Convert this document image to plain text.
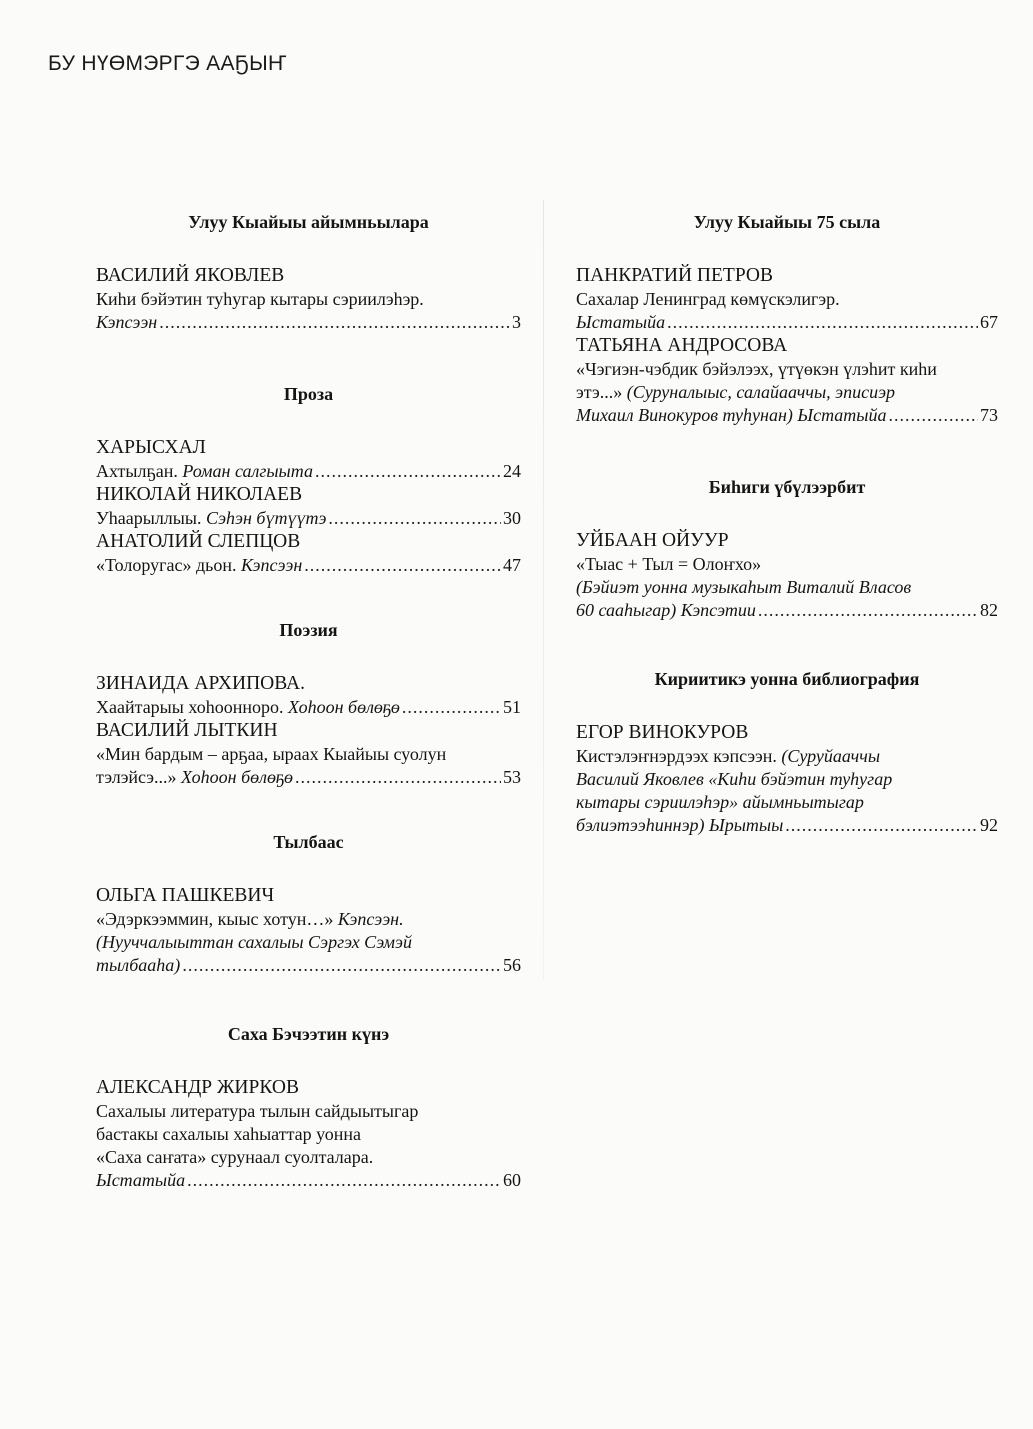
БУ НҮӨМЭРГЭ ААҔЫҤ
Улуу Кыайыы айымньылара
ВАСИЛИЙ ЯКОВЛЕВ
Киһи бэйэтин туһугар кытары сэриилэһэр.
Кэпсээн .....	3
Проза
ХАРЫСХАЛ
Ахтылҕан. Роман салгыыта .....	24
НИКОЛАЙ НИКОЛАЕВ
Уһаарыллыы. Сэһэн бүтүүтэ .....	30
АНАТОЛИЙ СЛЕПЦОВ
«Толоругас» дьон. Кэпсээн .....	47
Поэзия
ЗИНАИДА АРХИПОВА.
Хаайтарыы хоһооннорo. Хоһоон бөлөҕө .....	51
ВАСИЛИЙ ЛЫТКИН
«Мин бардым – арҕаа, ыраах Кыайыы суолун
тэлэйсэ...» Хоһоон бөлөҕө .....	53
Тылбаас
ОЛЬГА ПАШКЕВИЧ
«Эдэркээммин, кыыс хотун…» Кэпсээн.
(Нууччалыыттан сахалыы Сэргэх Сэмэй
тылбааһа) .....	56
Саха Бэчээтин күнэ
АЛЕКСАНДР ЖИРКОВ
Сахалыы литература тылын сайдыытыгар
бастакы сахалыы хаһыаттар уонна
«Саха саҥата» сурунаал суолталара.
Ыстатыйа .....	60
Улуу Кыайыы 75 сыла
ПАНКРАТИЙ ПЕТРОВ
Сахалар Ленинград көмүскэлигэр.
Ыстатыйа .....	67
ТАТЬЯНА АНДРОСОВА
«Чэгиэн-чэбдик бэйэлээх, үтүөкэн үлэһит киһи
этэ...» (Суруналыыс, салайааччы, эписиэр
Михаил Винокуров туһунан) Ыстатыйа .....	73
Биһиги үбүлээрбит
УЙБААН ОЙУУР
«Тыас + Тыл = Олоҥхо»
(Бэйиэт уонна музыкаһыт Виталий Власов
60 сааһыгар) Кэпсэтии .....	82
Кириитикэ уонна библиография
ЕГОР ВИНОКУРОВ
Кистэлэҥнэрдээх кэпсээн. (Суруйааччы
Василий Яковлев «Киһи бэйэтин туһугар
кытары сэриилэһэр» айымньытыгар
бэлиэтээһиннэр) Ырытыы .....	92
